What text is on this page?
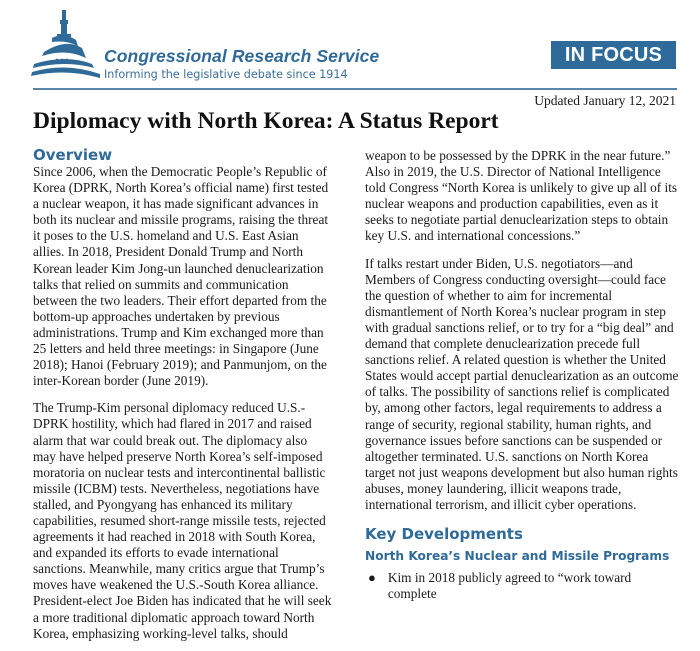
Congressional Research Service
Informing the legislative debate since 1914
IN FOCUS
Updated January 12, 2021
Diplomacy with North Korea: A Status Report
Overview

Since 2006, when the Democratic People’s Republic of Korea (DPRK, North Korea’s official name) first tested a nuclear weapon, it has made significant advances in both its nuclear and missile programs, raising the threat it poses to the U.S. homeland and U.S. East Asian allies. In 2018, President Donald Trump and North Korean leader Kim Jong-un launched denuclearization talks that relied on summits and communication between the two leaders. Their effort departed from the bottom-up approaches undertaken by previous administrations. Trump and Kim exchanged more than 25 letters and held three meetings: in Singapore (June 2018); Hanoi (February 2019); and Panmunjom, on the inter-Korean border (June 2019).

The Trump-Kim personal diplomacy reduced U.S.-DPRK hostility, which had flared in 2017 and raised alarm that war could break out. The diplomacy also may have helped preserve North Korea’s self-imposed moratoria on nuclear tests and intercontinental ballistic missile (ICBM) tests. Nevertheless, negotiations have stalled, and Pyongyang has enhanced its military capabilities, resumed short-range missile tests, rejected agreements it had reached in 2018 with South Korea, and expanded its efforts to evade international sanctions. Meanwhile, many critics argue that Trump’s moves have weakened the U.S.-South Korea alliance. President-elect Joe Biden has indicated that he will seek a more traditional diplomatic approach toward North Korea, emphasizing working-level talks, should

weapon to be possessed by the DPRK in the near future.” Also in 2019, the U.S. Director of National Intelligence told Congress “North Korea is unlikely to give up all of its nuclear weapons and production capabilities, even as it seeks to negotiate partial denuclearization steps to obtain key U.S. and international concessions.”

If talks restart under Biden, U.S. negotiators—and Members of Congress conducting oversight—could face the question of whether to aim for incremental dismantlement of North Korea’s nuclear program in step with gradual sanctions relief, or to try for a “big deal” and demand that complete denuclearization precede full sanctions relief. A related question is whether the United States would accept partial denuclearization as an outcome of talks. The possibility of sanctions relief is complicated by, among other factors, legal requirements to address a range of security, regional stability, human rights, and governance issues before sanctions can be suspended or altogether terminated. U.S. sanctions on North Korea target not just weapons development but also human rights abuses, money laundering, illicit weapons trade, international terrorism, and illicit cyber operations.

Key Developments
North Korea’s Nuclear and Missile Programs
● Kim in 2018 publicly agreed to “work toward complete
